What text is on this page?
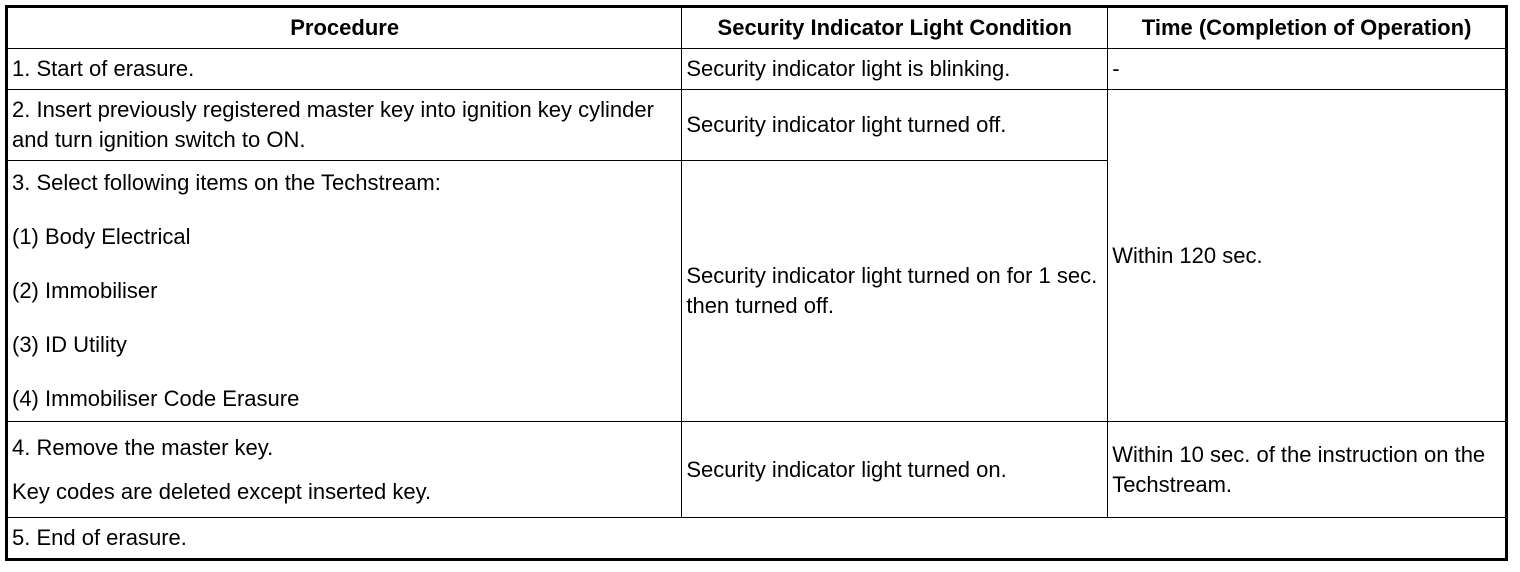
Procedure	Security Indicator Light Condition	Time (Completion of Operation)
1. Start of erasure.	Security indicator light is blinking.	-
2. Insert previously registered master key into ignition key cylinder and turn ignition switch to ON.	Security indicator light turned off.	Within 120 sec.

3. Select following items on the Techstream:
(1) Body Electrical
(2) Immobiliser
(3) ID Utility
(4) Immobiliser Code Erasure	Security indicator light turned on for 1 sec. then turned off.	

4. Remove the master key.
Key codes are deleted except inserted key.	Security indicator light turned on.	Within 10 sec. of the instruction on the Techstream.
5. End of erasure.		
